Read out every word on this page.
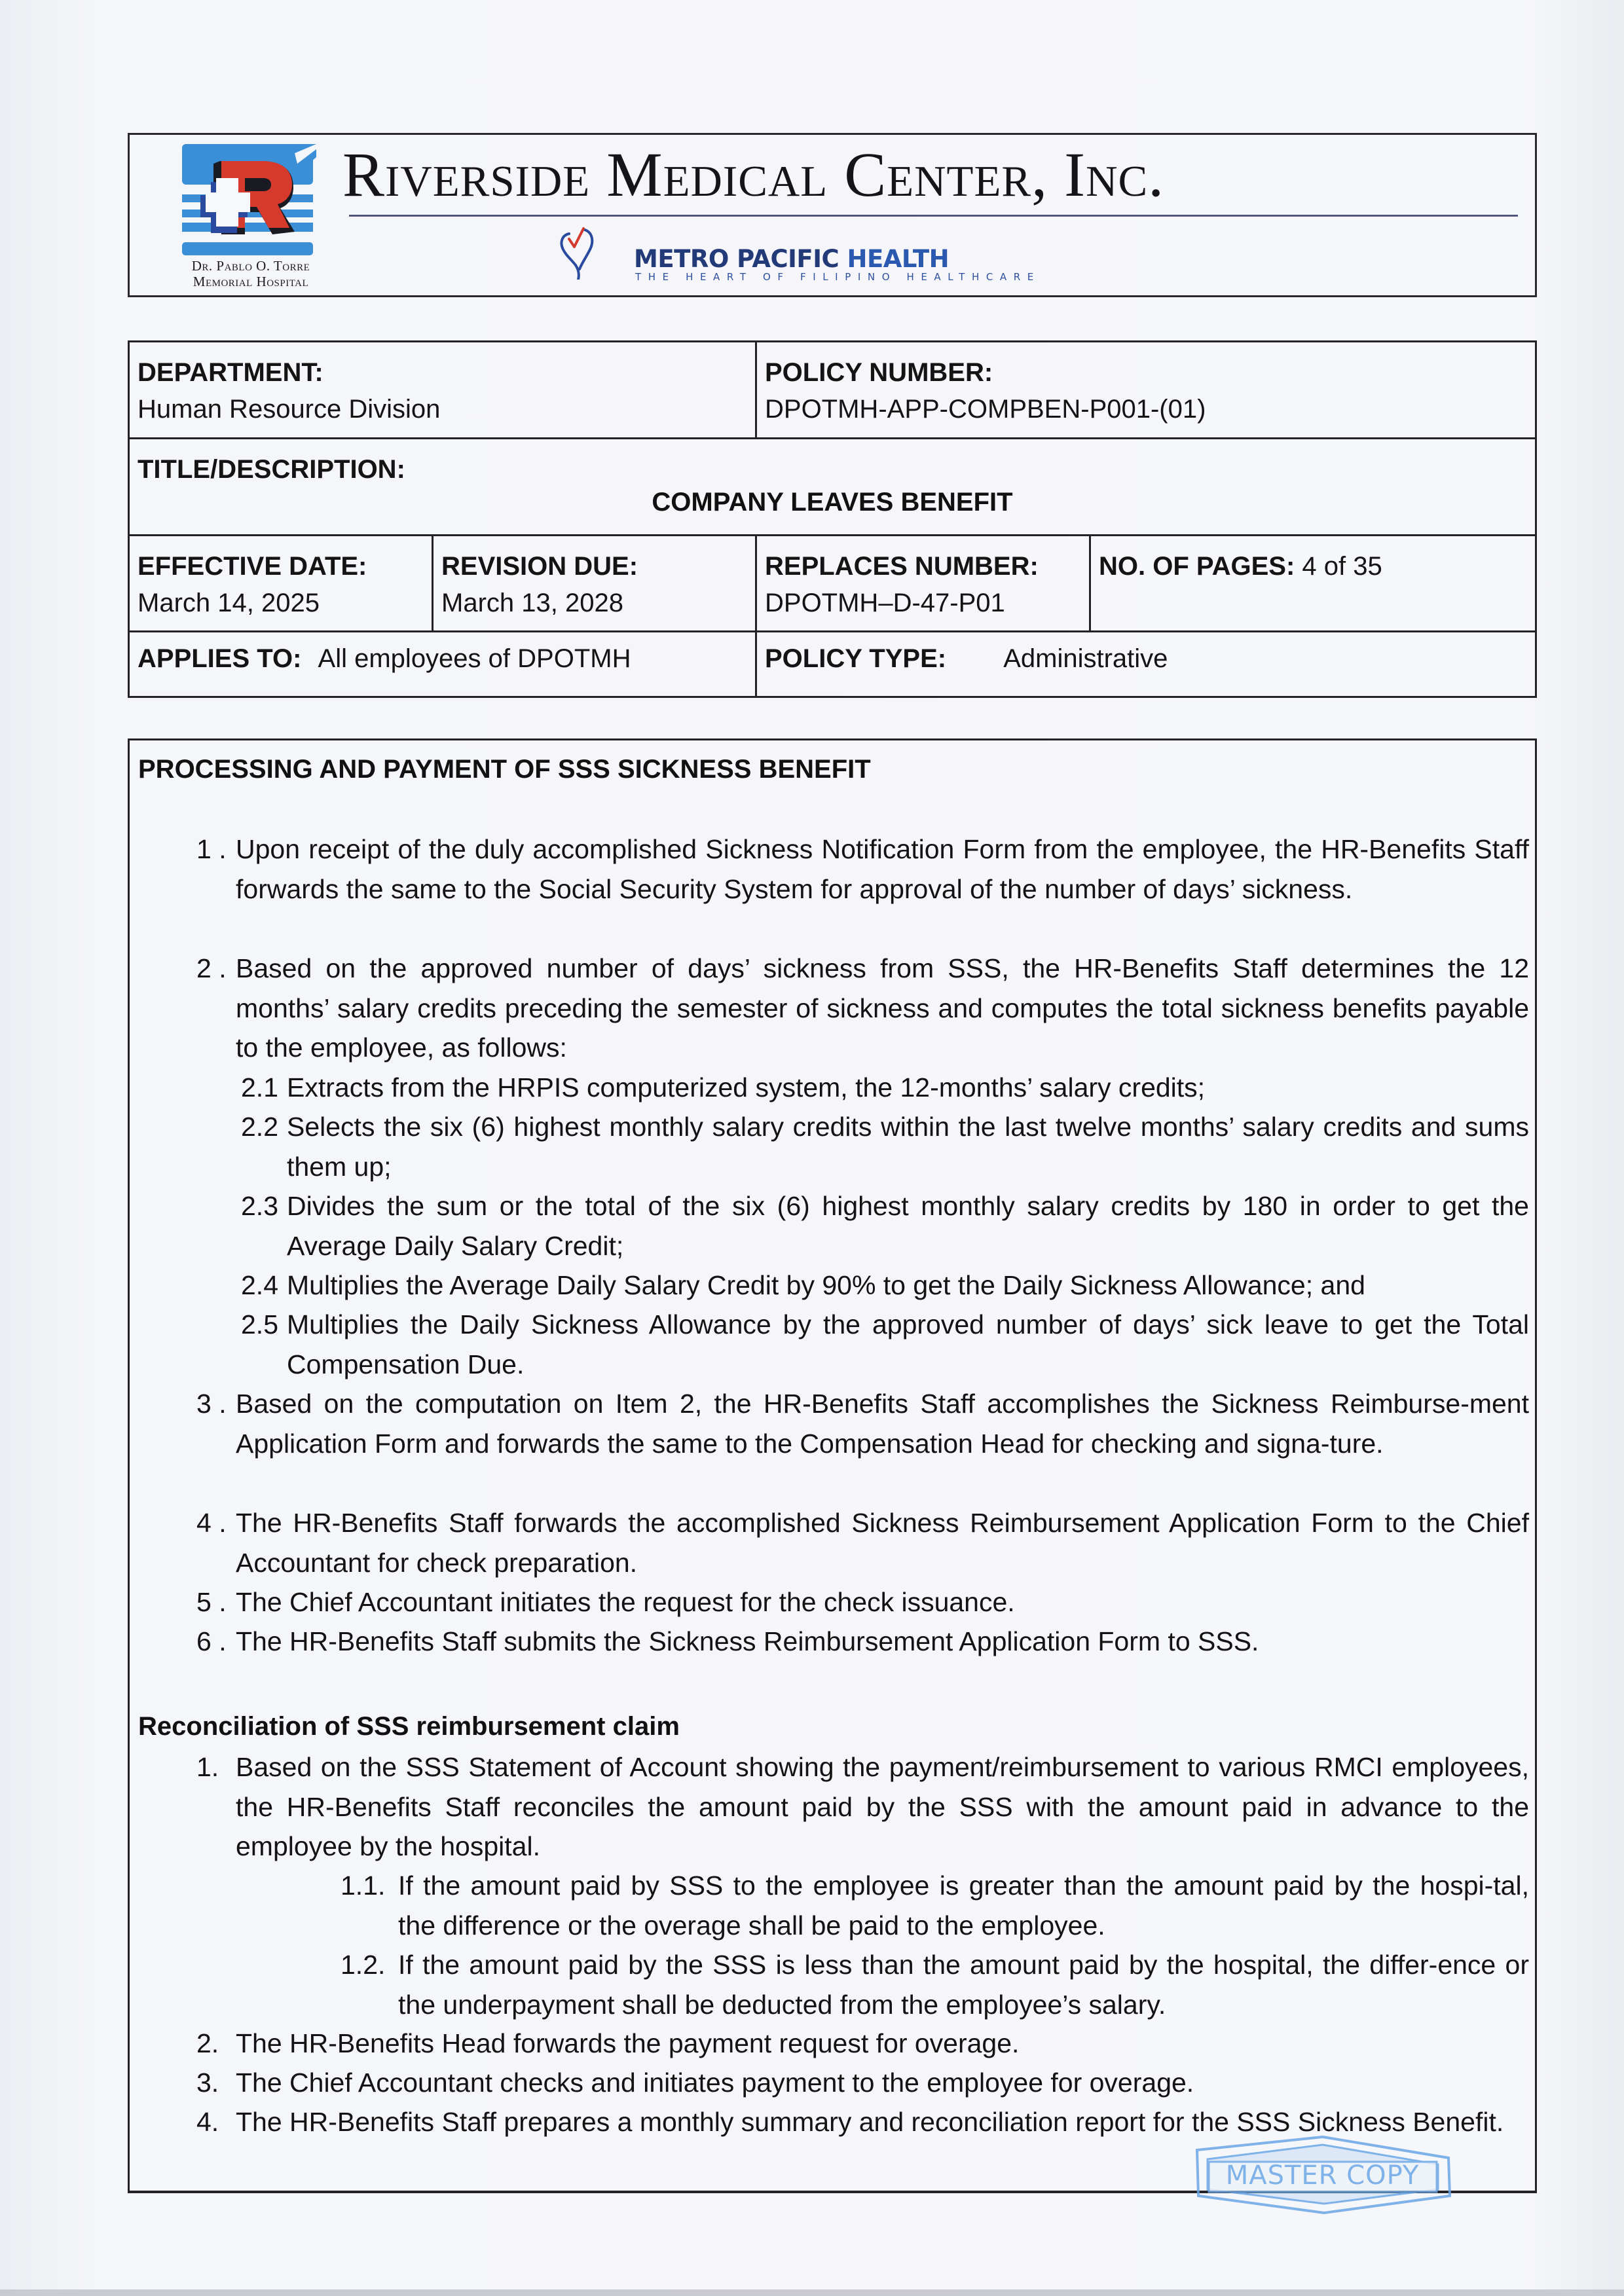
Dr. Pablo O. Torre
Memorial Hospital
Riverside Medical Center, Inc.
METRO PACIFIC HEALTH
THE HEART OF FILIPINO HEALTHCARE
DEPARTMENT:
Human Resource Division
POLICY NUMBER:
DPOTMH-APP-COMPBEN-P001-(01)
TITLE/DESCRIPTION:
COMPANY LEAVES BENEFIT
EFFECTIVE DATE:
March 14, 2025
REVISION DUE:
March 13, 2028
REPLACES NUMBER:
DPOTMH–D-47-P01
NO. OF PAGES: 4 of 35
APPLIES TO: All employees of DPOTMH	POLICY TYPE: Administrative
PROCESSING AND PAYMENT OF SSS SICKNESS BENEFIT
1 . Upon receipt of the duly accomplished Sickness Notification Form from the employee, the HR-Benefits Staff forwards the same to the Social Security System for approval of the number of days’ sickness.
2 . Based on the approved number of days’ sickness from SSS, the HR-Benefits Staff determines the 12 months’ salary credits preceding the semester of sickness and computes the total sickness benefits payable to the employee, as follows:
2.1 Extracts from the HRPIS computerized system, the 12-months’ salary credits;
2.2 Selects the six (6) highest monthly salary credits within the last twelve months’ salary credits and sums them up;
2.3 Divides the sum or the total of the six (6) highest monthly salary credits by 180 in order to get the Average Daily Salary Credit;
2.4 Multiplies the Average Daily Salary Credit by 90% to get the Daily Sickness Allowance; and
2.5 Multiplies the Daily Sickness Allowance by the approved number of days’ sick leave to get the Total Compensation Due.
3 . Based on the computation on Item 2, the HR-Benefits Staff accomplishes the Sickness Reimburse-ment Application Form and forwards the same to the Compensation Head for checking and signa-ture.
4 . The HR-Benefits Staff forwards the accomplished Sickness Reimbursement Application Form to the Chief Accountant for check preparation.
5 . The Chief Accountant initiates the request for the check issuance.
6 . The HR-Benefits Staff submits the Sickness Reimbursement Application Form to SSS.
Reconciliation of SSS reimbursement claim
1. Based on the SSS Statement of Account showing the payment/reimbursement to various RMCI employees, the HR-Benefits Staff reconciles the amount paid by the SSS with the amount paid in advance to the employee by the hospital.
1.1. If the amount paid by SSS to the employee is greater than the amount paid by the hospi-tal, the difference or the overage shall be paid to the employee.
1.2. If the amount paid by the SSS is less than the amount paid by the hospital, the differ-ence or the underpayment shall be deducted from the employee’s salary.
2. The HR-Benefits Head forwards the payment request for overage.
3. The Chief Accountant checks and initiates payment to the employee for overage.
4. The HR-Benefits Staff prepares a monthly summary and reconciliation report for the SSS Sickness Benefit.
MASTER COPY
